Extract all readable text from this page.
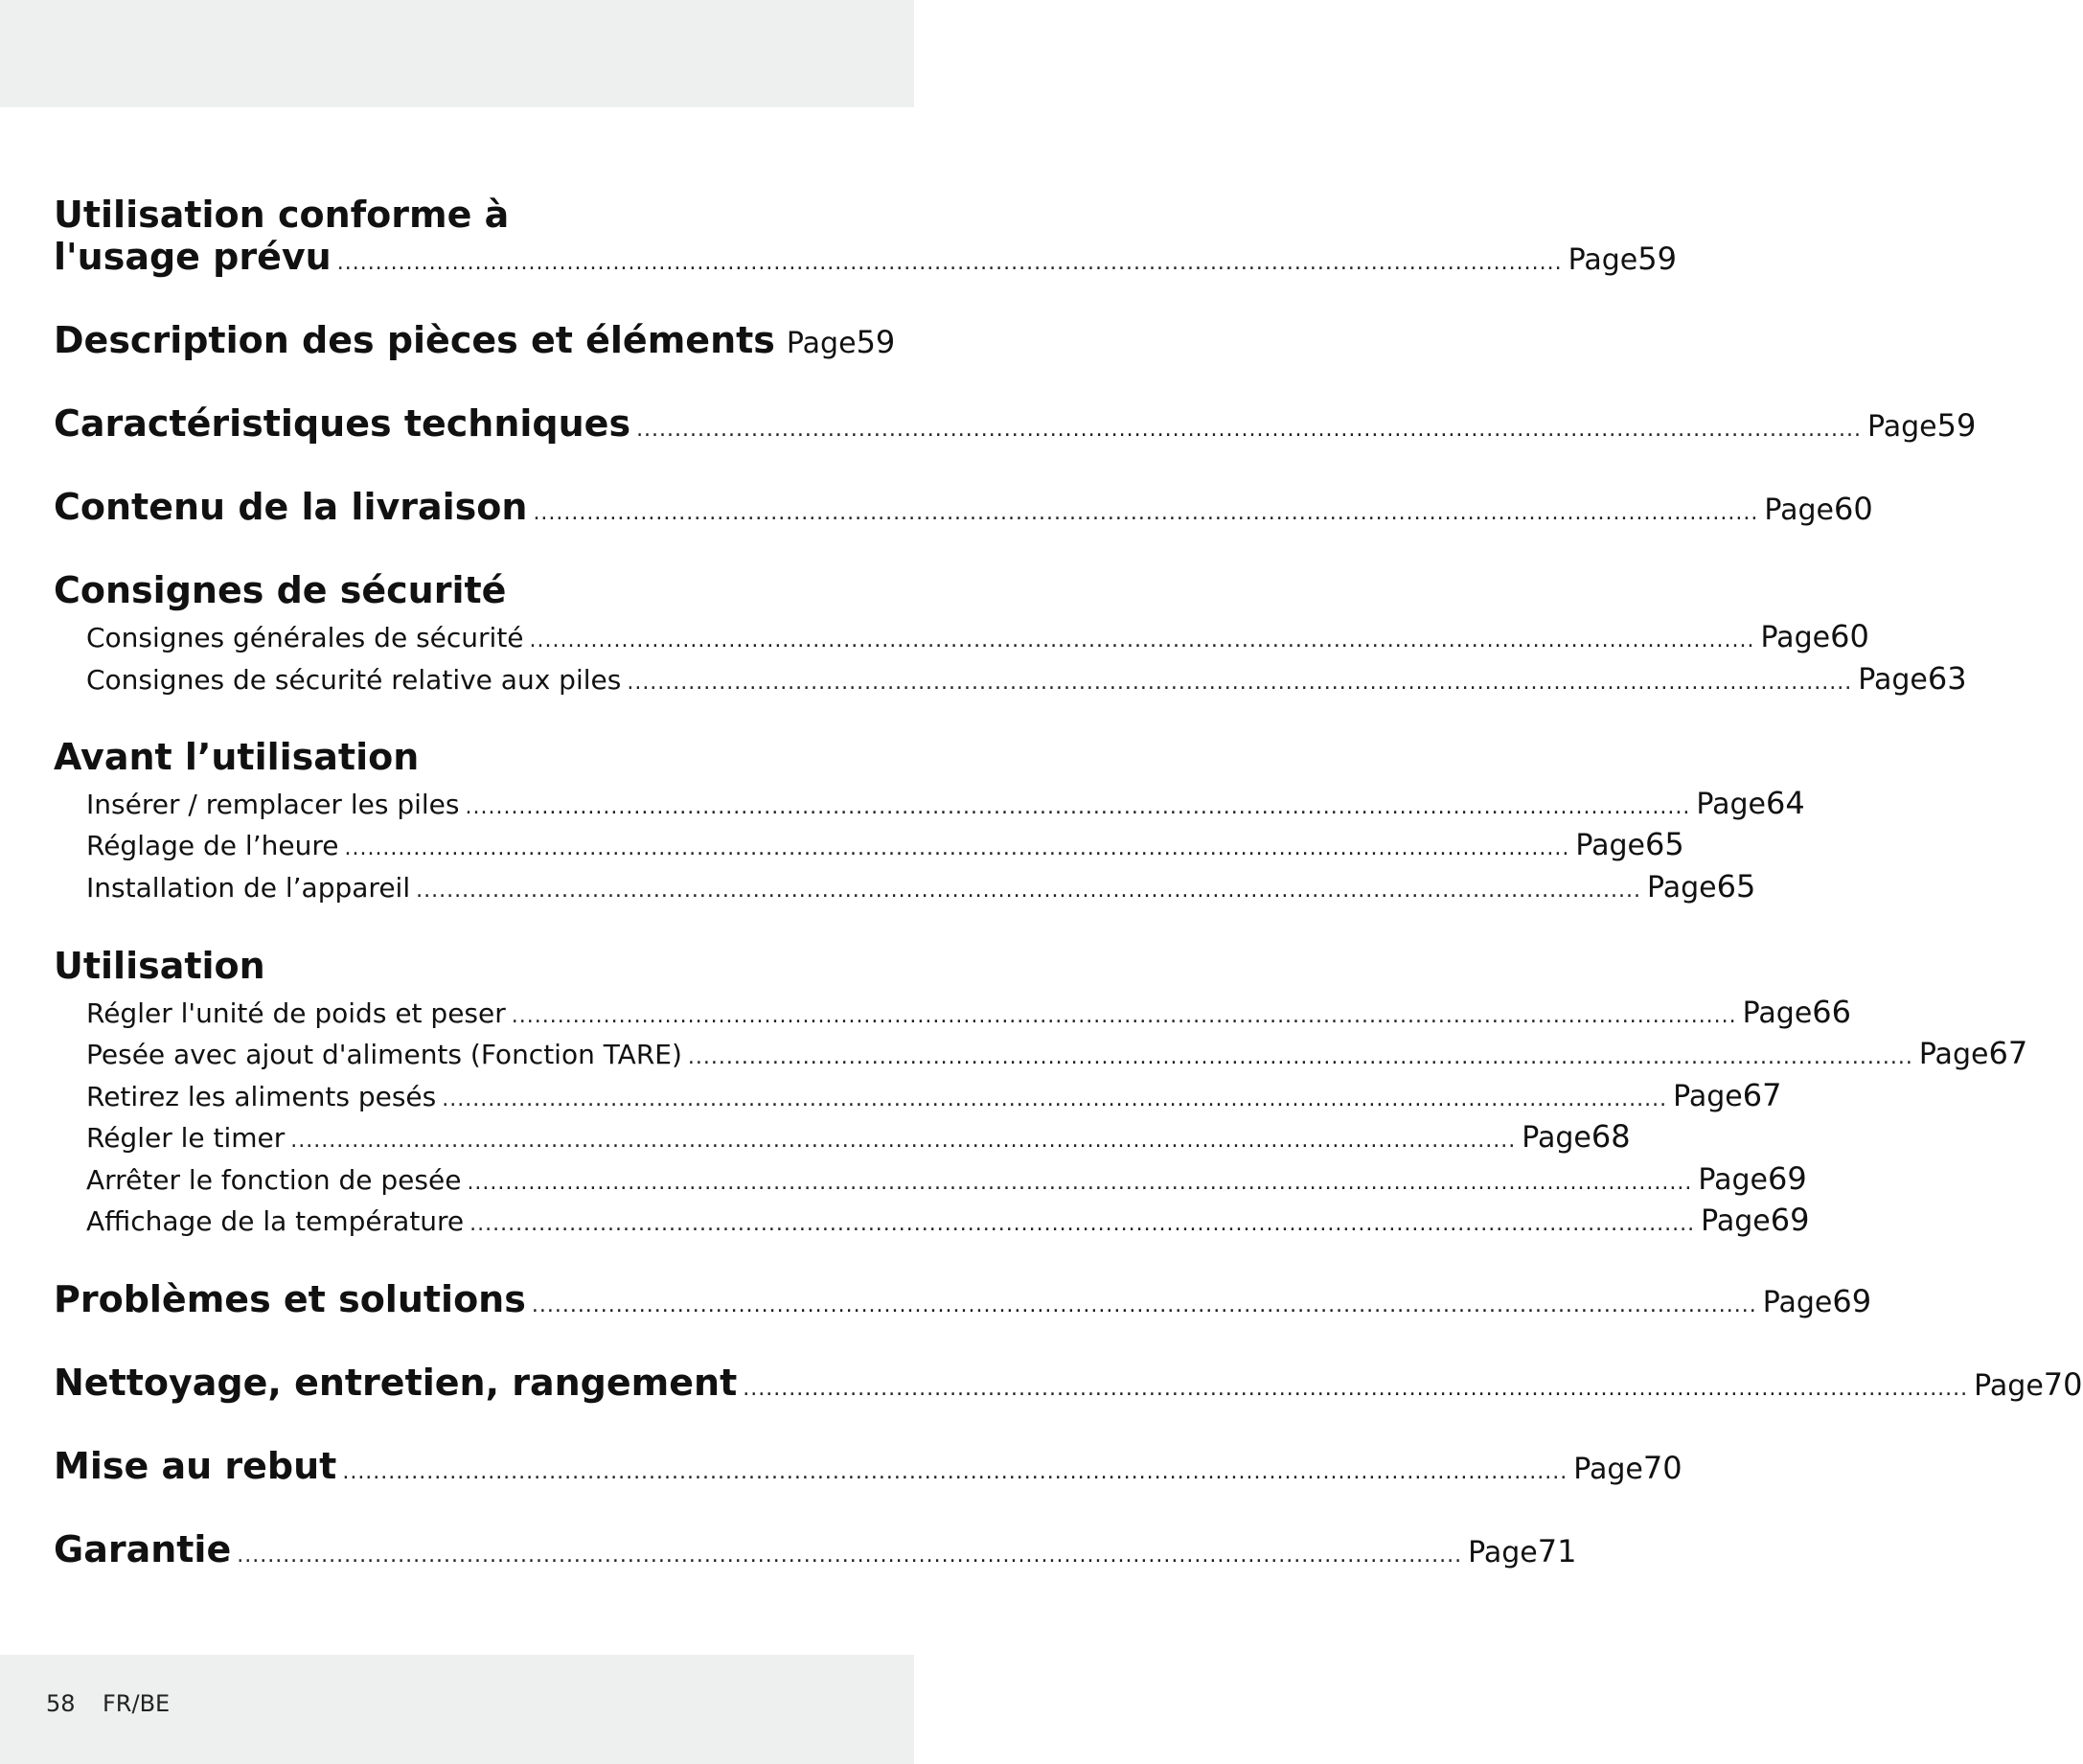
Utilisation conforme à
l'usage prévu ................................................................................................................................................................ Page 59
Description des pièces et éléments Page 59
Caractéristiques techniques ................................................................................................................................................................ Page 59
Contenu de la livraison ................................................................................................................................................................ Page 60
Consignes de sécurité
Consignes générales de sécurité ................................................................................................................................................................ Page 60
Consignes de sécurité relative aux piles ................................................................................................................................................................ Page 63
Avant l’utilisation
Insérer / remplacer les piles ................................................................................................................................................................ Page 64
Réglage de l’heure ................................................................................................................................................................ Page 65
Installation de l’appareil ................................................................................................................................................................ Page 65
Utilisation
Régler l'unité de poids et peser ................................................................................................................................................................ Page 66
Pesée avec ajout d'aliments (Fonction TARE) ................................................................................................................................................................ Page 67
Retirez les aliments pesés ................................................................................................................................................................ Page 67
Régler le timer ................................................................................................................................................................ Page 68
Arrêter le fonction de pesée ................................................................................................................................................................ Page 69
Affichage de la température ................................................................................................................................................................ Page 69
Problèmes et solutions ................................................................................................................................................................ Page 69
Nettoyage, entretien, rangement ................................................................................................................................................................ Page 70
Mise au rebut ................................................................................................................................................................ Page 70
Garantie ................................................................................................................................................................ Page 71
58 FR/BE
